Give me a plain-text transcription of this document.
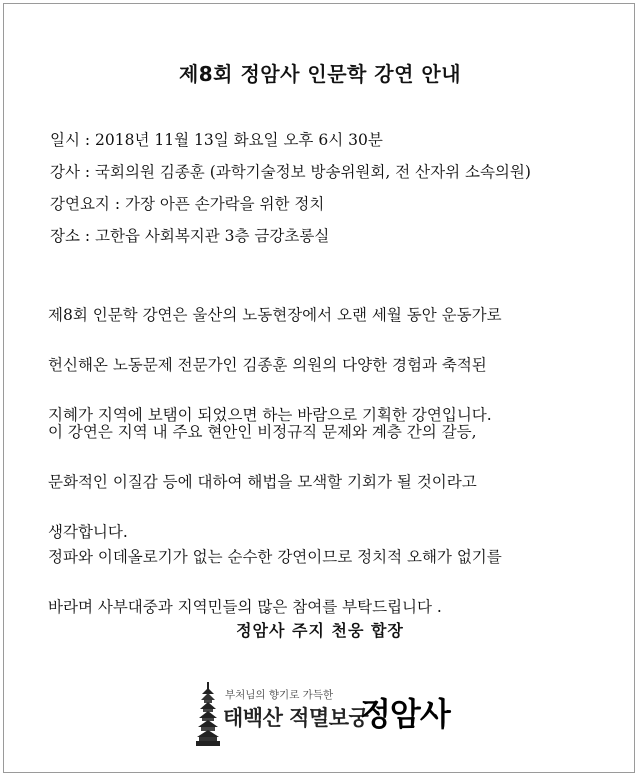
제8회 정암사 인문학 강연 안내
일시 : 2018년 11월 13일 화요일 오후 6시 30분
강사 : 국회의원 김종훈 (과학기술정보 방송위원회, 전 산자위 소속의원)
강연요지 : 가장 아픈 손가락을 위한 정치
장소 : 고한읍 사회복지관 3층 금강초롱실

제8회 인문학 강연은 울산의 노동현장에서 오랜 세월 동안 운동가로

헌신해온 노동문제 전문가인 김종훈 의원의 다양한 경험과 축적된

지혜가 지역에 보탬이 되었으면 하는 바람으로 기획한 강연입니다.

이 강연은 지역 내 주요 현안인 비정규직 문제와 계층 간의 갈등,

문화적인 이질감 등에 대하여 해법을 모색할 기회가 될 것이라고

생각합니다.

정파와 이데올로기가 없는 순수한 강연이므로 정치적 오해가 없기를

바라며 사부대중과 지역민들의 많은 참여를 부탁드립니다 .

정암사 주지 천웅 합장
부처님의 향기로 가득한
태백산 적멸보궁
정암사
